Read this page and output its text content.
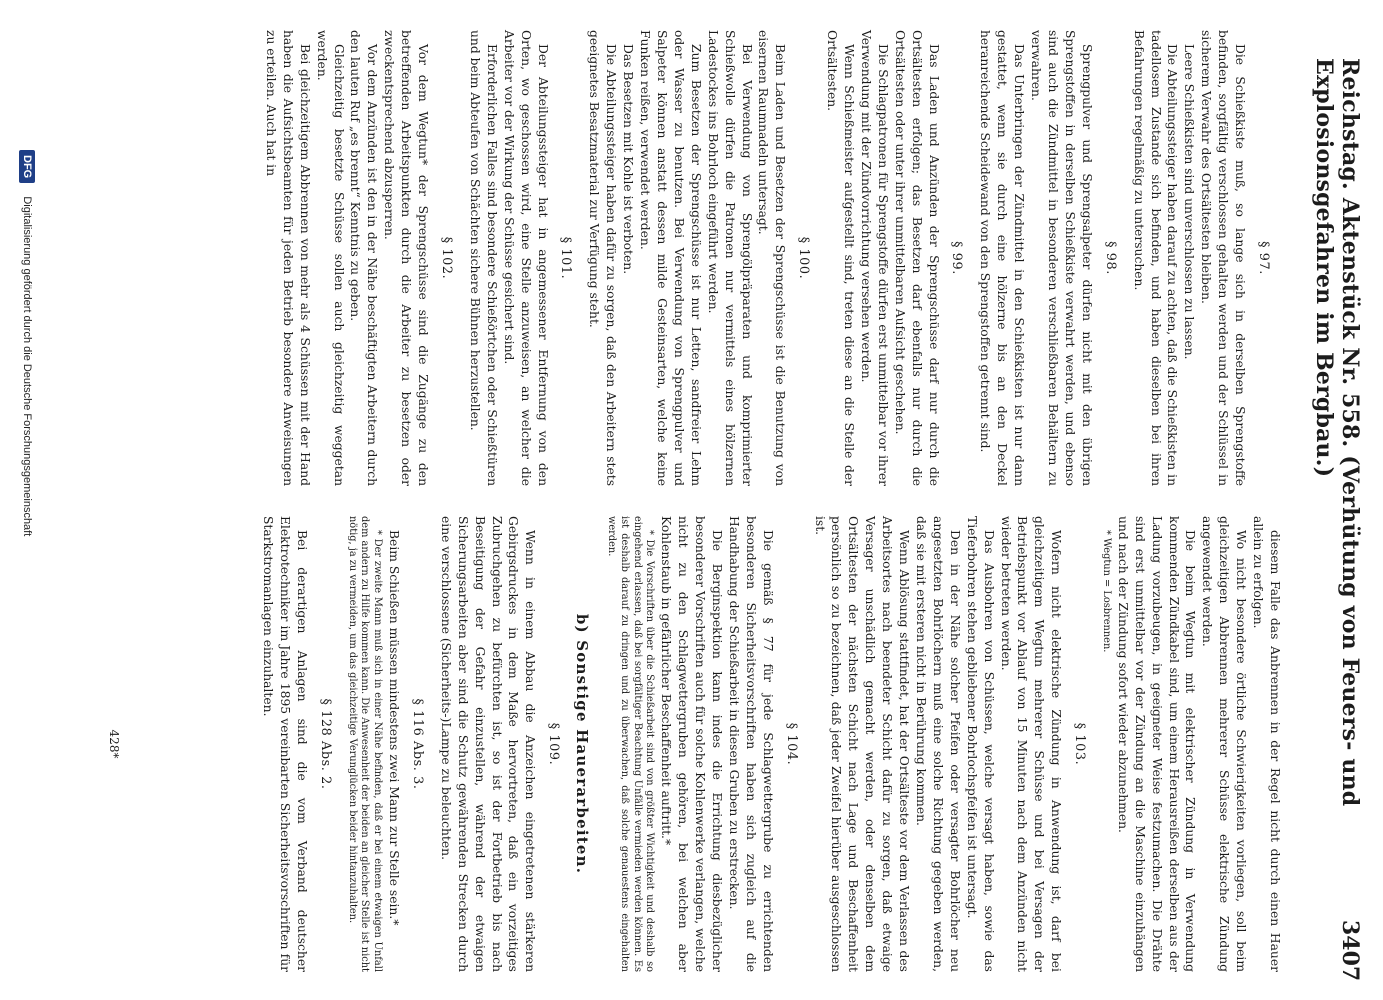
Reichstag. Aktenstück Nr. 558. (Verhütung von Feuers- und Explosionsgefahren im Bergbau.)
3407
§ 97.
Die Schießkiste muß, so lange sich in derselben Sprengstoffe befinden, sorgfältig verschlossen gehalten werden und der Schlüssel in sicherem Verwahr des Ortsältesten bleiben.
Leere Schießkisten sind unverschlossen zu lassen.
Die Abteilungssteiger haben darauf zu achten, daß die Schießkisten in tadellosem Zustande sich befinden, und haben dieselben bei ihren Befahrungen regelmäßig zu untersuchen.
§ 98.
Sprengpulver und Sprengsalpeter dürfen nicht mit den übrigen Sprengstoffen in derselben Schießkiste verwahrt werden, und ebenso sind auch die Zündmittel in besonderen verschließbaren Behältern zu verwahren.
Das Unterbringen der Zündmittel in den Schießkisten ist nur dann gestattet, wenn sie durch eine hölzerne bis an den Deckel heranreichende Scheidewand von den Sprengstoffen getrennt sind.
§ 99.
Das Laden und Anzünden der Sprengschüsse darf nur durch die Ortsältesten erfolgen; das Besetzen darf ebenfalls nur durch die Ortsältesten oder unter ihrer unmittelbaren Aufsicht geschehen.
Die Schlagpatronen für Sprengstoffe dürfen erst unmittelbar vor ihrer Verwendung mit der Zündvorrichtung versehen werden.
Wenn Schießmeister aufgestellt sind, treten diese an die Stelle der Ortsältesten.
§ 100.
Beim Laden und Besetzen der Sprengschüsse ist die Benutzung von eisernen Raumnadeln untersagt.
Bei Verwendung von Sprengölpräparaten und komprimierter Schießwolle dürfen die Patronen nur vermittels eines hölzernen Ladestockes ins Bohrloch eingeführt werden.
Zum Besetzen der Sprengschüsse ist nur Letten, sandfreier Lehm oder Wasser zu benutzen. Bei Verwendung von Sprengpulver und Salpeter können anstatt dessen milde Gesteinsarten, welche keine Funken reißen, verwendet werden.
Das Besetzen mit Kohle ist verboten.
Die Abteilungssteiger haben dafür zu sorgen, daß den Arbeitern stets geeignetes Besatzmaterial zur Verfügung steht.
§ 101.
Der Abteilungssteiger hat in angemessener Entfernung von den Orten, wo geschossen wird, eine Stelle anzuweisen, an welcher die Arbeiter vor der Wirkung der Schüsse gesichert sind.
Erforderlichen Falles sind besondere Schießörtchen oder Schießtüren und beim Abteufen von Schächten sichere Bühnen herzustellen.
§ 102.
Vor dem Wegtun* der Sprengschüsse sind die Zugänge zu den betreffenden Arbeitspunkten durch die Arbeiter zu besetzen oder zweckentsprechend abzusperren.
Vor dem Anzünden ist den in der Nähe beschäftigten Arbeitern durch den lauten Ruf „es brennt“ Kenntnis zu geben.
Gleichzeitig besetzte Schüsse sollen auch gleichzeitig weggetan werden.
Bei gleichzeitigem Abbrennen von mehr als 4 Schüssen mit der Hand haben die Aufsichtsbeamten für jeden Betrieb besondere Anweisungen zu erteilen. Auch hat in
diesem Falle das Anbrennen in der Regel nicht durch einen Hauer allein zu erfolgen.
Wo nicht besondere örtliche Schwierigkeiten vorliegen, soll beim gleichzeitigen Abbrennen mehrerer Schüsse elektrische Zündung angewendet werden.
Die beim Wegtun mit elektrischer Zündung in Verwendung kommenden Zündkabel sind, um einem Herausreißen derselben aus der Ladung vorzubeugen, in geeigneter Weise festzumachen. Die Drähte sind erst unmittelbar vor der Zündung an die Maschine einzuhängen und nach der Zündung sofort wieder abzunehmen.
* Wegtun = Losbrennen.
§ 103.
Wofern nicht elektrische Zündung in Anwendung ist, darf bei gleichzeitigem Wegtun mehrerer Schüsse und bei Versagen der Betriebspunkt vor Ablauf von 15 Minuten nach dem Anzünden nicht wieder betreten werden.
Das Ausbohren von Schüssen, welche versagt haben, sowie das Tieferbohren stehen gebliebener Bohrlochspfeifen ist untersagt.
Den in der Nähe solcher Pfeifen oder versagter Bohrlöcher neu angesetzten Bohrlöchern muß eine solche Richtung gegeben werden, daß sie mit ersteren nicht in Berührung kommen.
Wenn Ablösung stattfindet, hat der Ortsälteste vor dem Verlassen des Arbeitsortes nach beendeter Schicht dafür zu sorgen, daß etwaige Versager unschädlich gemacht werden, oder denselben dem Ortsältesten der nächsten Schicht nach Lage und Beschaffenheit persönlich so zu bezeichnen, daß jeder Zweifel hierüber ausgeschlossen ist.
§ 104.
Die gemäß § 77 für jede Schlagwettergrube zu errichtenden besonderen Sicherheitsvorschriften haben sich zugleich auf die Handhabung der Schießarbeit in diesen Gruben zu erstrecken.
Die Berginspektion kann indes die Errichtung diesbezüglicher besonderer Vorschriften auch für solche Kohlenwerke verlangen, welche nicht zu den Schlagwettergruben gehören, bei welchen aber Kohlenstaub in gefährlicher Beschaffenheit auftritt.*
* Die Vorschriften über die Schießarbeit sind von größter Wichtigkeit und deshalb so eingehend erlassen, daß bei sorgfältiger Beachtung Unfälle vermieden werden können. Es ist deshalb darauf zu dringen und zu überwachen, daß solche genauestens eingehalten werden.
b) Sonstige Hauerarbeiten.
§ 109.
Wenn in einem Abbau die Anzeichen eingetretenen stärkeren Gebirgsdruckes in dem Maße hervortreten, daß ein vorzeitiges Zubruchgehen zu befürchten ist, so ist der Fortbetrieb bis nach Beseitigung der Gefahr einzustellen, während der etwaigen Sicherungsarbeiten aber sind die Schutz gewährenden Strecken durch eine verschlossene (Sicherheits-)Lampe zu beleuchten.
§ 116 Abs. 3.
Beim Schießen müssen mindestens zwei Mann zur Stelle sein.*
* Der zweite Mann muß sich in einer Nähe befinden, daß er bei einem etwaigen Unfall dem andern zu Hilfe kommen kann. Die Anwesenheit der beiden an gleicher Stelle ist nicht nötig, ja zu vermeiden, um das gleichzeitige Verunglücken beider hintanzuhalten.
§ 128 Abs. 2.
Bei derartigen Anlagen sind die vom Verband deutscher Elektrotechniker im Jahre 1895 vereinbarten Sicherheitsvorschriften für Starkstromanlagen einzuhalten.
428*
DFG Digitalisierung gefördert durch die Deutsche Forschungsgemeinschaft
